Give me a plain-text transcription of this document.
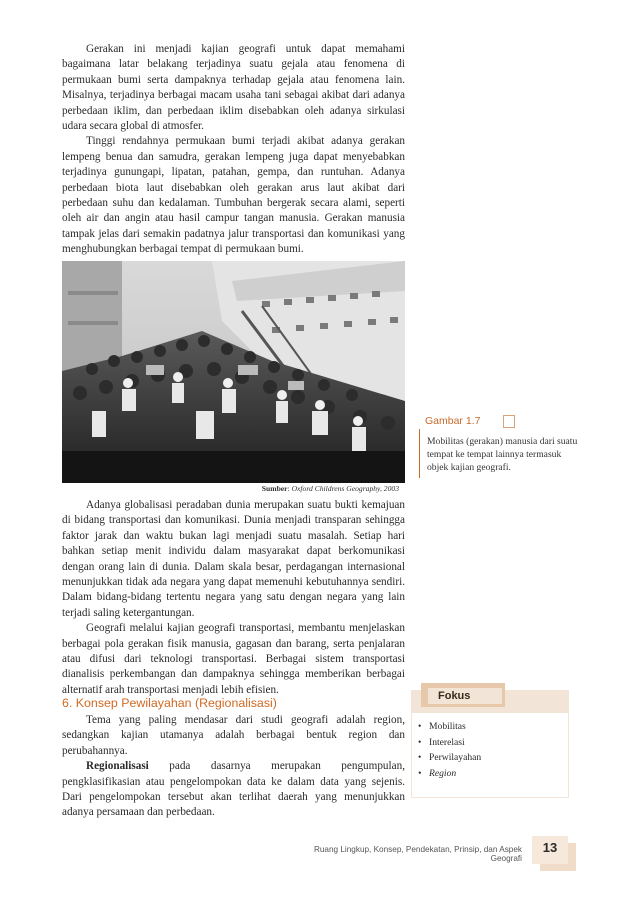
Gerakan ini menjadi kajian geografi untuk dapat memahami bagaimana latar belakang terjadinya suatu gejala atau fenomena di permukaan bumi serta dampaknya terhadap gejala atau fenomena lain. Misalnya, terjadinya berbagai macam usaha tani sebagai akibat dari adanya perbedaan iklim, dan perbedaan iklim disebabkan oleh adanya sirkulasi udara secara global di atmosfer.

Tinggi rendahnya permukaan bumi terjadi akibat adanya gerakan lempeng benua dan samudra, gerakan lempeng juga dapat menyebabkan terjadinya gunungapi, lipatan, patahan, gempa, dan runtuhan. Adanya perbedaan biota laut disebabkan oleh gerakan arus laut akibat dari perbedaan suhu dan kedalaman. Tumbuhan bergerak secara alami, seperti oleh air dan angin atau hasil campur tangan manusia. Gerakan manusia tampak jelas dari semakin padatnya jalur transportasi dan komunikasi yang menghubungkan berbagai tempat di permukaan bumi.

Sumber: Oxford Childrens Geography, 2003
Gambar 1.7
Mobilitas (gerakan) manusia dari suatu tempat ke tempat lainnya termasuk objek kajian geografi.

Adanya globalisasi peradaban dunia merupakan suatu bukti kemajuan di bidang transportasi dan komunikasi. Dunia menjadi transparan sehingga faktor jarak dan waktu bukan lagi menjadi suatu masalah. Setiap hari bahkan setiap menit individu dalam masyarakat dapat berkomunikasi dengan orang lain di dunia. Dalam skala besar, perdagangan internasional menunjukkan tidak ada negara yang dapat memenuhi kebutuhannya sendiri. Dalam bidang-bidang tertentu negara yang satu dengan negara yang lain terjadi saling ketergantungan.

Geografi melalui kajian geografi transportasi, membantu menjelaskan berbagai pola gerakan fisik manusia, gagasan dan barang, serta penjalaran atau difusi dari teknologi transportasi. Berbagai sistem transportasi dianalisis perkembangan dan dampaknya sehingga memberikan berbagai alternatif arah transportasi menjadi lebih efisien.

6. Konsep Pewilayahan (Regionalisasi)

Tema yang paling mendasar dari studi geografi adalah region, sedangkan kajian utamanya adalah berbagai bentuk region dan perubahannya.

Regionalisasi pada dasarnya merupakan pengumpulan, pengklasifikasian atau pengelompokan data ke dalam data yang sejenis. Dari pengelompokan tersebut akan terlihat daerah yang menunjukkan adanya persamaan dan perbedaan.

Fokus
• Mobilitas
• Interelasi
• Perwilayahan
• Region
Ruang Lingkup, Konsep, Pendekatan, Prinsip, dan Aspek Geografi
13
